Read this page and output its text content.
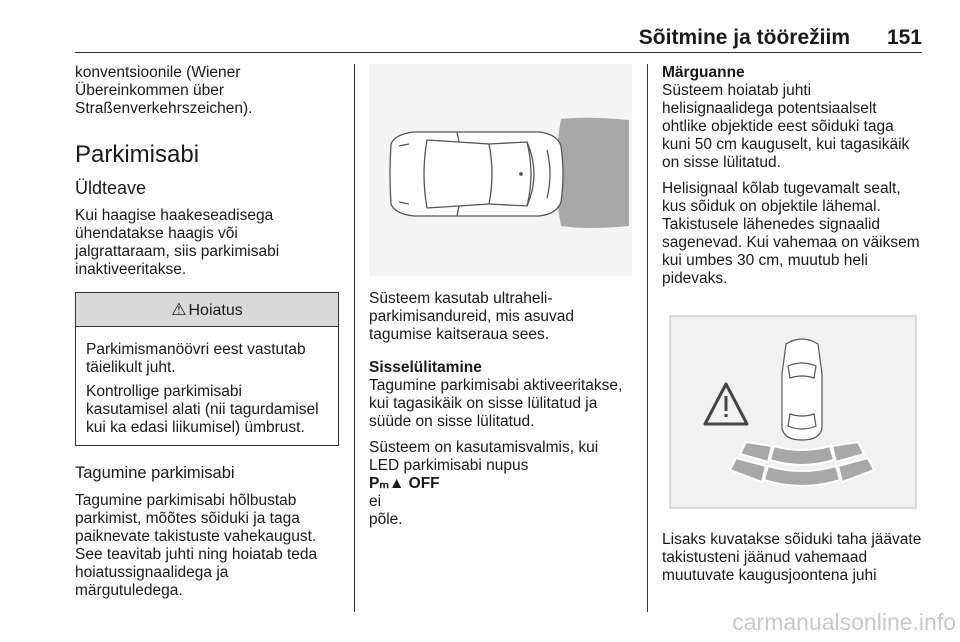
Sõitmine ja töörežiim 151

konventsioonile (Wiener
Übereinkommen über
Straßenverkehrszeichen).

Parkimisabi
Üldteave

Kui haagise haakeseadisega
ühendatakse haagis või
jalgrattaraam, siis parkimisabi
inaktiveeritakse.

⚠ Hoiatus

Parkimismanöövri eest vastutab
täielikult juht.

Kontrollige parkimisabi
kasutamisel alati (nii tagurdamisel
kui ka edasi liikumisel) ümbrust.

Tagumine parkimisabi

Tagumine parkimisabi hõlbustab
parkimist, mõõtes sõiduki ja taga
paiknevate takistuste vahekaugust.
See teavitab juhti ning hoiatab teda
hoiatussignaalidega ja
märgutuledega.

Süsteem kasutab ultraheli-
parkimisandureid, mis asuvad
tagumise kaitseraua sees.

Sisselülitamine

Tagumine parkimisabi aktiveeritakse,
kui tagasikäik on sisse lülitatud ja
süüde on sisse lülitatud.

Süsteem on kasutamisvalmis, kui
LED parkimisabi nupus
Pₘ▲ OFF
ei
põle.

Märguanne

Süsteem hoiatab juhti
helisignaalidega potentsiaalselt
ohtlike objektide eest sõiduki taga
kuni 50 cm kauguselt, kui tagasikäik
on sisse lülitatud.

Helisignaal kõlab tugevamalt sealt,
kus sõiduk on objektile lähemal.
Takistusele lähenedes signaalid
sagenevad. Kui vahemaa on väiksem
kui umbes 30 cm, muutub heli
pidevaks.

Lisaks kuvatakse sõiduki taha jäävate
takistusteni jäänud vahemaad
muutuvate kaugusjoontena juhi

carmanualsonline.info
